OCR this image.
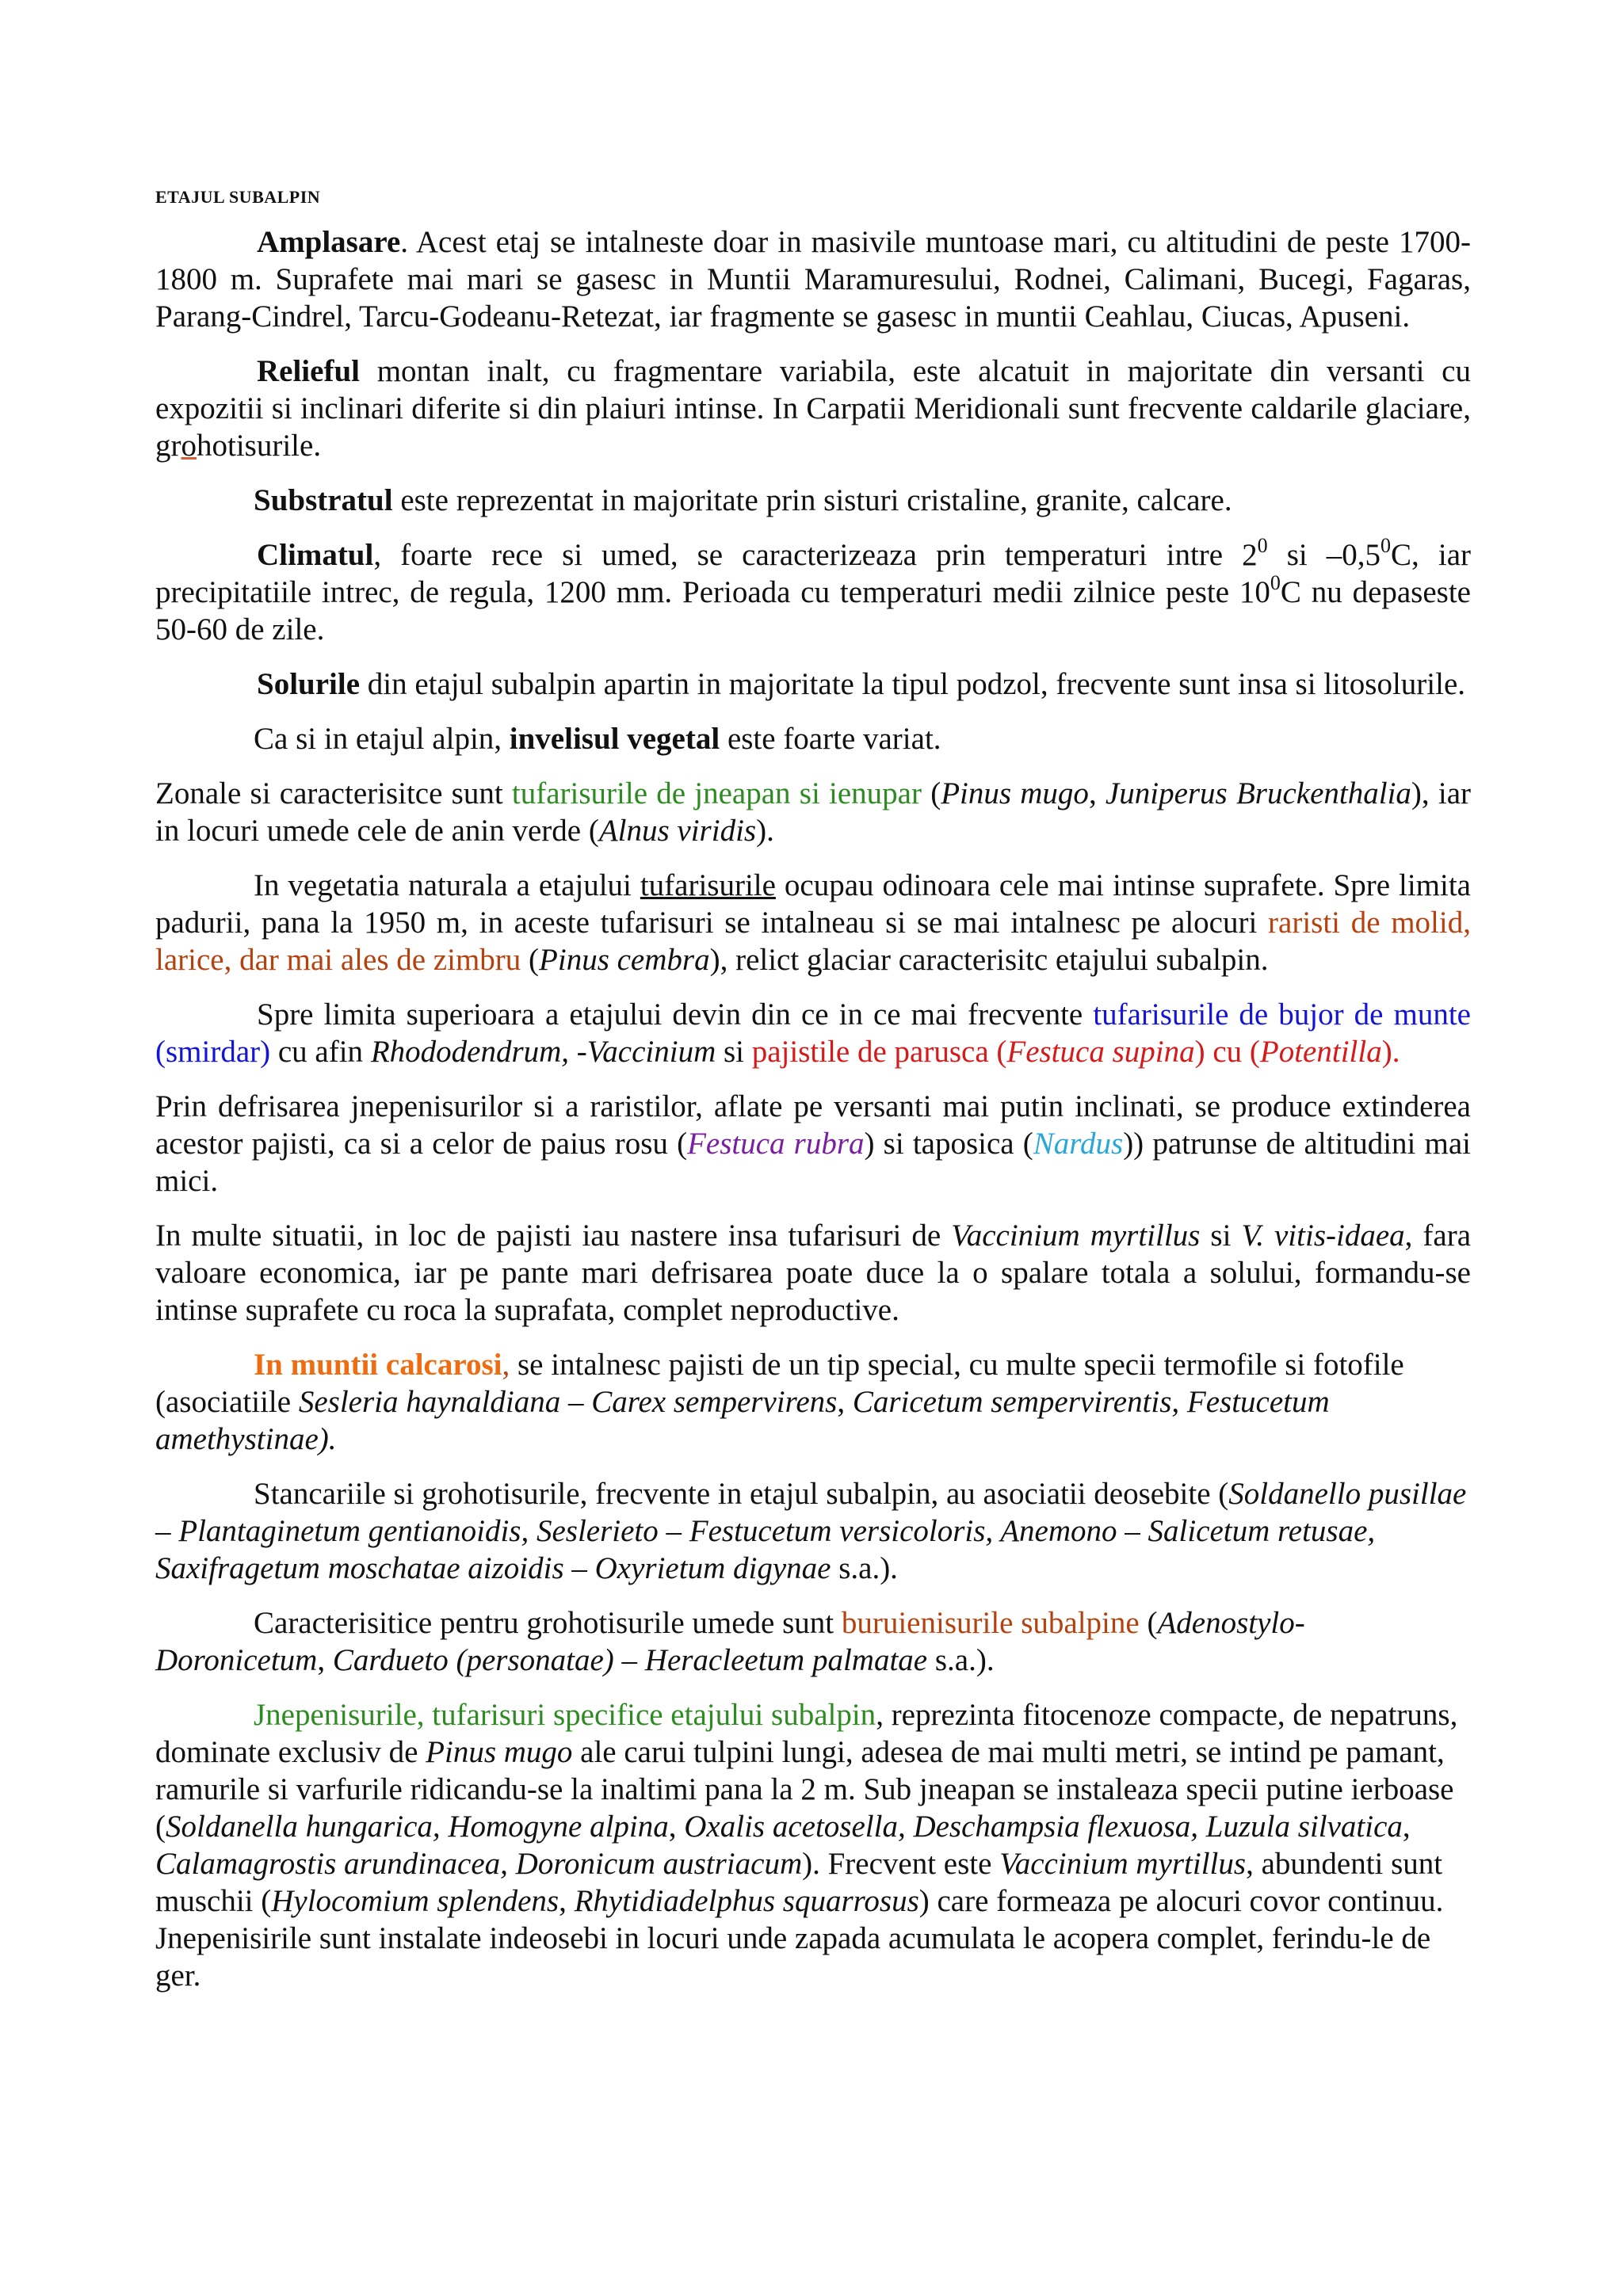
ETAJUL SUBALPIN

Amplasare. Acest etaj se intalneste doar in masivile muntoase mari, cu altitudini de peste 1700-1800 m. Suprafete mai mari se gasesc in Muntii Maramuresului, Rodnei, Calimani, Bucegi, Fagaras, Parang-Cindrel, Tarcu-Godeanu-Retezat, iar fragmente se gasesc in muntii Ceahlau, Ciucas, Apuseni.

Relieful montan inalt, cu fragmentare variabila, este alcatuit in majoritate din versanti cu expozitii si inclinari diferite si din plaiuri intinse. In Carpatii Meridionali sunt frecvente caldarile glaciare, grohotisurile.

Substratul este reprezentat in majoritate prin sisturi cristaline, granite, calcare.

Climatul, foarte rece si umed, se caracterizeaza prin temperaturi intre $2^0$ si $-0,5^0C$, iar precipitatiile intrec, de regula, 1200 mm. Perioada cu temperaturi medii zilnice peste $10^0C$ nu depaseste 50-60 de zile.

Solurile din etajul subalpin apartin in majoritate la tipul podzol, frecvente sunt insa si litosolurile.

Ca si in etajul alpin, invelisul vegetal este foarte variat.

Zonale si caracterisitce sunt tufarisurile de jneapan si ienupar (Pinus mugo, Juniperus Bruckenthalia), iar in locuri umede cele de anin verde (Alnus viridis).

In vegetatia naturala a etajului tufarisurile ocupau odinoara cele mai intinse suprafete. Spre limita padurii, pana la 1950 m, in aceste tufarisuri se intalneau si se mai intalnesc pe alocuri raristi de molid, larice, dar mai ales de zimbru (Pinus cembra), relict glaciar caracterisitc etajului subalpin.

Spre limita superioara a etajului devin din ce in ce mai frecvente tufarisurile de bujor de munte (smirdar) cu afin Rhododendrum, -Vaccinium si pajistile de parusca (Festuca supina) cu (Potentilla).

Prin defrisarea jnepenisurilor si a raristilor, aflate pe versanti mai putin inclinati, se produce extinderea acestor pajisti, ca si a celor de paius rosu (Festuca rubra) si taposica (Nardus)) patrunse de altitudini mai mici.

In multe situatii, in loc de pajisti iau nastere insa tufarisuri de Vaccinium myrtillus si V. vitis-idaea, fara valoare economica, iar pe pante mari defrisarea poate duce la o spalare totala a solului, formandu-se intinse suprafete cu roca la suprafata, complet neproductive.

In muntii calcarosi, se intalnesc pajisti de un tip special, cu multe specii termofile si fotofile (asociatiile Sesleria haynaldiana – Carex sempervirens, Caricetum sempervirentis, Festucetum amethystinae).

Stancariile si grohotisurile, frecvente in etajul subalpin, au asociatii deosebite (Soldanello pusillae – Plantaginetum gentianoidis, Seslerieto – Festucetum versicoloris, Anemono – Salicetum retusae, Saxifragetum moschatae aizoidis – Oxyrietum digynae s.a.).

Caracterisitice pentru grohotisurile umede sunt buruienisurile subalpine (Adenostylo-Doronicetum, Cardueto (personatae) – Heracleetum palmatae s.a.).

Jnepenisurile, tufarisuri specifice etajului subalpin, reprezinta fitocenoze compacte, de nepatruns, dominate exclusiv de Pinus mugo ale carui tulpini lungi, adesea de mai multi metri, se intind pe pamant, ramurile si varfurile ridicandu-se la inaltimi pana la 2 m. Sub jneapan se instaleaza specii putine ierboase (Soldanella hungarica, Homogyne alpina, Oxalis acetosella, Deschampsia flexuosa, Luzula silvatica, Calamagrostis arundinacea, Doronicum austriacum). Frecvent este Vaccinium myrtillus, abundenti sunt muschii (Hylocomium splendens, Rhytidiadelphus squarrosus) care formeaza pe alocuri covor continuu. Jnepenisirile sunt instalate indeosebi in locuri unde zapada acumulata le acopera complet, ferindu-le de ger.
